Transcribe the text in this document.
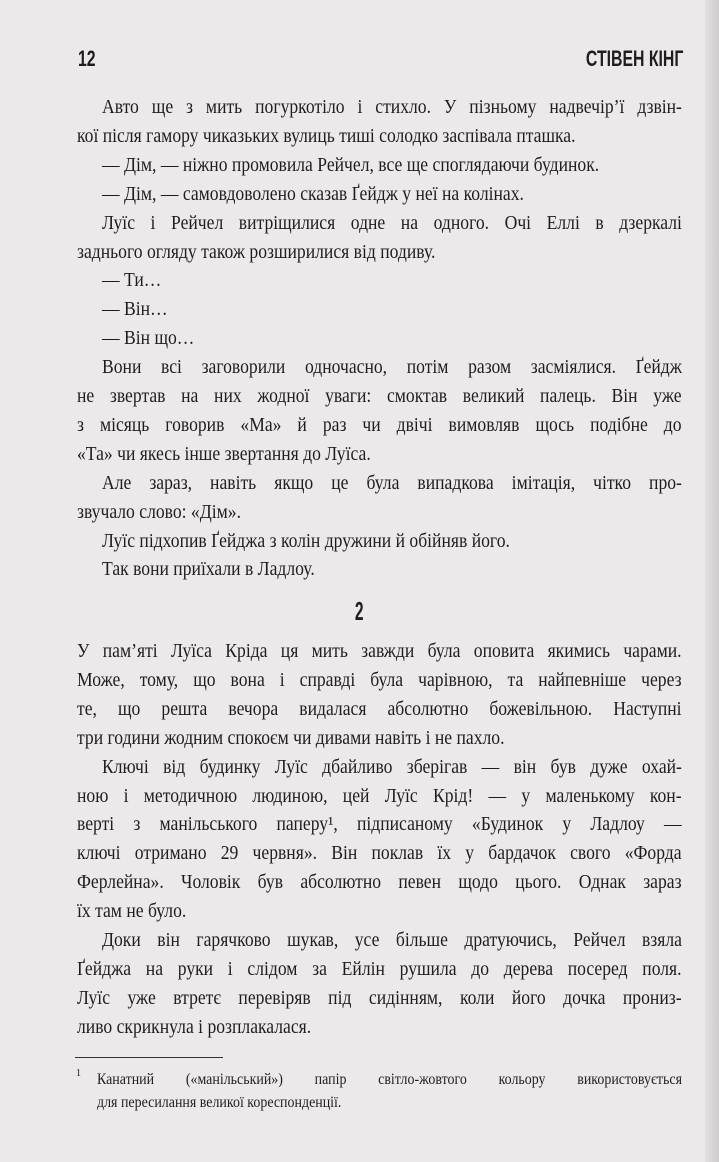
12	СТІВЕН КІНГ
Авто ще з мить погуркотіло і стихло. У пізньому надвечір’ї дзвін-
кої після гамору чиказьких вулиць тиші солодко заспівала пташка.
— Дім, — ніжно промовила Рейчел, все ще споглядаючи будинок.
— Дім, — самовдоволено сказав Ґейдж у неї на колінах.
Луїс і Рейчел витріщилися одне на одного. Очі Еллі в дзеркалі
заднього огляду також розширилися від подиву.
— Ти…
— Він…
— Він що…
Вони всі заговорили одночасно, потім разом засміялися. Ґейдж
не звертав на них жодної уваги: смоктав великий палець. Він уже
з місяць говорив «Ма» й раз чи двічі вимовляв щось подібне до
«Та» чи якесь інше звертання до Луїса.
Але зараз, навіть якщо це була випадкова імітація, чітко про-
звучало слово: «Дім».
Луїс підхопив Ґейджа з колін дружини й обійняв його.
Так вони приїхали в Ладлоу.
2
У пам’яті Луїса Кріда ця мить завжди була оповита якимись чарами.
Може, тому, що вона і справді була чарівною, та найпевніше через
те, що решта вечора видалася абсолютно божевільною. Наступні
три години жодним спокоєм чи дивами навіть і не пахло.
Ключі від будинку Луїс дбайливо зберігав — він був дуже охай-
ною і методичною людиною, цей Луїс Крід! — у маленькому кон-
верті з манільського паперу¹, підписаному «Будинок у Ладлоу —
ключі отримано 29 червня». Він поклав їх у бардачок свого «Форда
Ферлейна». Чоловік був абсолютно певен щодо цього. Однак зараз
їх там не було.
Доки він гарячково шукав, усе більше дратуючись, Рейчел взяла
Ґейджа на руки і слідом за Ейлін рушила до дерева посеред поля.
Луїс уже втретє перевіряв під сидінням, коли його дочка прониз-
ливо скрикнула і розплакалася.
1 Канатний («манільський») папір світло-жовтого кольору використовується
для пересилання великої кореспонденції.
